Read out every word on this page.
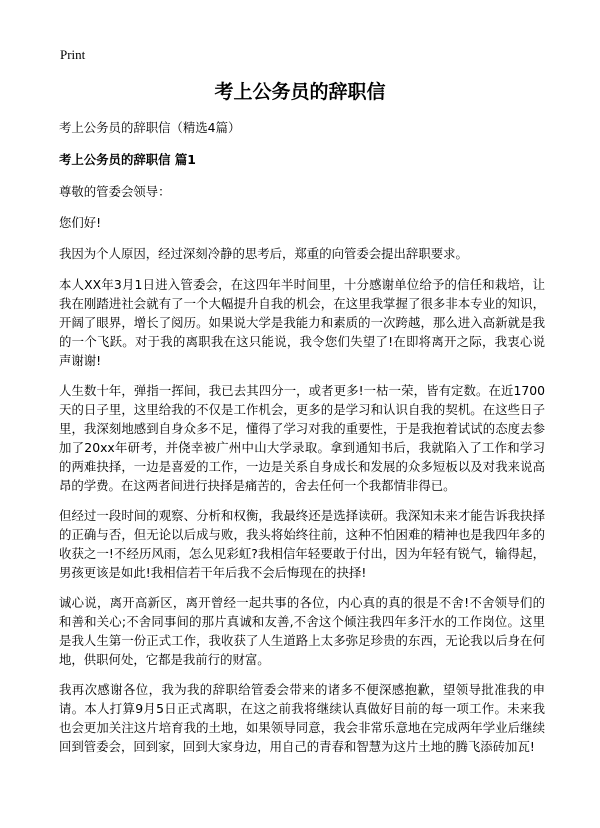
Print
考上公务员的辞职信

考上公务员的辞职信（精选4篇）

考上公务员的辞职信 篇1

尊敬的管委会领导：

您们好!

我因为个人原因，经过深刻冷静的思考后，郑重的向管委会提出辞职要求。

本人XX年3月1日进入管委会，在这四年半时间里，十分感谢单位给予的信任和栽培，让我在刚踏进社会就有了一个大幅提升自我的机会，在这里我掌握了很多非本专业的知识，开阔了眼界，增长了阅历。如果说大学是我能力和素质的一次跨越，那么进入高新就是我的一个飞跃。对于我的离职我在这只能说，我令您们失望了!在即将离开之际，我衷心说声谢谢!

人生数十年，弹指一挥间，我已去其四分一，或者更多!一枯一荣，皆有定数。在近1700天的日子里，这里给我的不仅是工作机会，更多的是学习和认识自我的契机。在这些日子里，我深刻地感到自身众多不足，懂得了学习对我的重要性，于是我抱着试试的态度去参加了20xx年研考，并侥幸被广州中山大学录取。拿到通知书后，我就陷入了工作和学习的两难抉择，一边是喜爱的工作，一边是关系自身成长和发展的众多短板以及对我来说高昂的学费。在这两者间进行抉择是痛苦的，舍去任何一个我都情非得已。

但经过一段时间的观察、分析和权衡，我最终还是选择读研。我深知未来才能告诉我抉择的正确与否，但无论以后成与败，我头将始终往前，这种不怕困难的精神也是我四年多的收获之一!不经历风雨，怎么见彩虹?我相信年轻要敢于付出，因为年轻有锐气，输得起，男孩更该是如此!我相信若干年后我不会后悔现在的抉择!

诚心说，离开高新区，离开曾经一起共事的各位，内心真的真的很是不舍!不舍领导们的和善和关心;不舍同事间的那片真诚和友善,不舍这个倾注我四年多汗水的工作岗位。这里是我人生第一份正式工作，我收获了人生道路上太多弥足珍贵的东西，无论我以后身在何地，供职何处，它都是我前行的财富。

我再次感谢各位，我为我的辞职给管委会带来的诸多不便深感抱歉，望领导批准我的申请。本人打算9月5日正式离职，在这之前我将继续认真做好目前的每一项工作。未来我也会更加关注这片培育我的土地，如果领导同意，我会非常乐意地在完成两年学业后继续回到管委会，回到家，回到大家身边，用自己的青春和智慧为这片土地的腾飞添砖加瓦!
